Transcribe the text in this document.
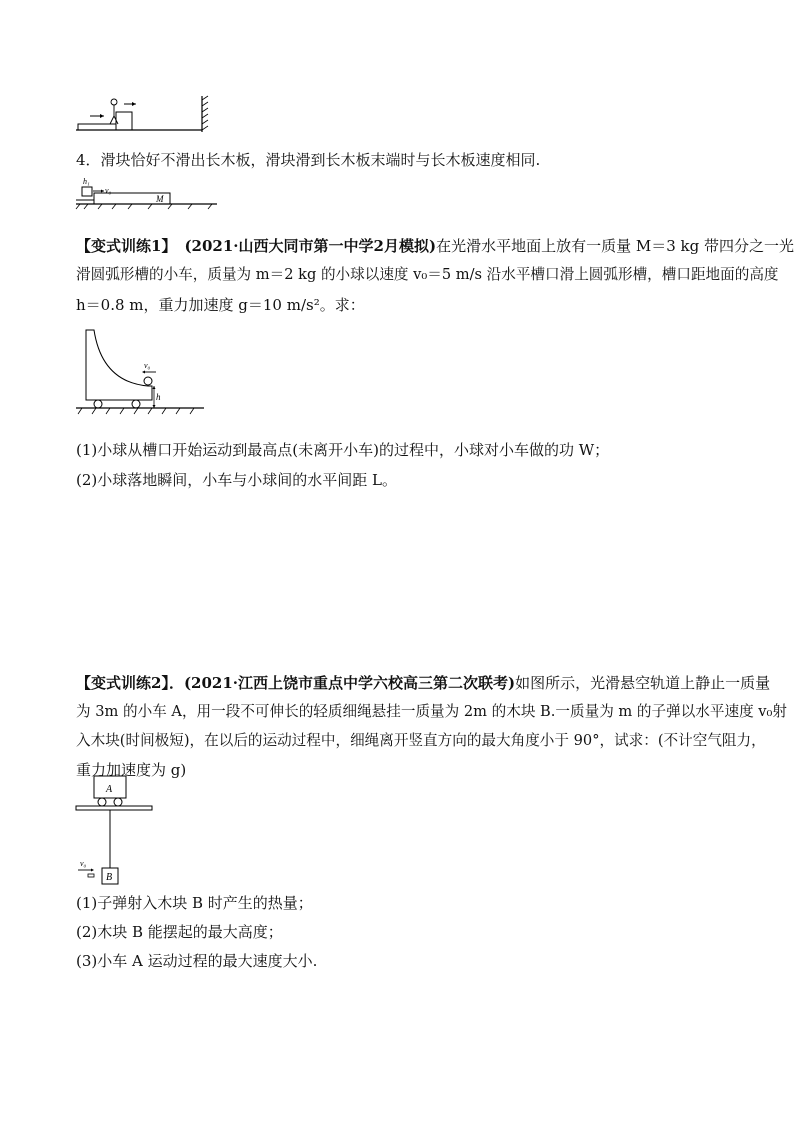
4．滑块恰好不滑出长木板，滑块滑到长木板末端时与长木板速度相同.
h₁
v₀
M
【变式训练1】 (2021·山西大同市第一中学2月模拟)在光滑水平地面上放有一质量 M＝3 kg 带四分之一光
滑圆弧形槽的小车，质量为 m＝2 kg 的小球以速度 v₀＝5 m/s 沿水平槽口滑上圆弧形槽，槽口距地面的高度
h＝0.8 m，重力加速度 g＝10 m/s²。求：
v₀
h
(1)小球从槽口开始运动到最高点(未离开小车)的过程中，小球对小车做的功 W；
(2)小球落地瞬间，小车与小球间的水平间距 L。
【变式训练2】．(2021·江西上饶市重点中学六校高三第二次联考)如图所示，光滑悬空轨道上静止一质量
为 3m 的小车 A，用一段不可伸长的轻质细绳悬挂一质量为 2m 的木块 B.一质量为 m 的子弹以水平速度 v₀射
入木块(时间极短)，在以后的运动过程中，细绳离开竖直方向的最大角度小于 90°，试求：(不计空气阻力，
重力加速度为 g)
A
B
v₀
(1)子弹射入木块 B 时产生的热量；
(2)木块 B 能摆起的最大高度；
(3)小车 A 运动过程的最大速度大小.
